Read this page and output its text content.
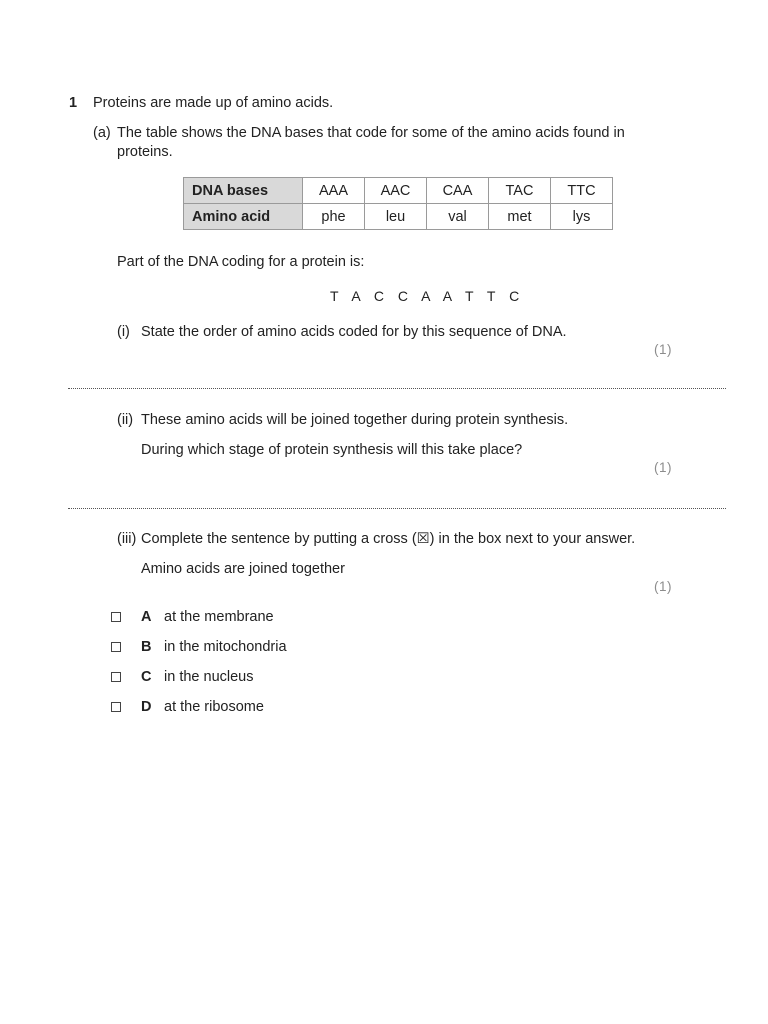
1 Proteins are made up of amino acids.
(a) The table shows the DNA bases that code for some of the amino acids found in
proteins.
DNA bases	AAA	AAC	CAA	TAC	TTC
Amino acid	phe	leu	val	met	lys
Part of the DNA coding for a protein is:
T A C C A A T T C
(i) State the order of amino acids coded for by this sequence of DNA.
(1)
(ii) These amino acids will be joined together during protein synthesis.
During which stage of protein synthesis will this take place?
(1)
(iii) Complete the sentence by putting a cross (☒) in the box next to your answer.
Amino acids are joined together
(1)
A at the membrane
B in the mitochondria
C in the nucleus
D at the ribosome
